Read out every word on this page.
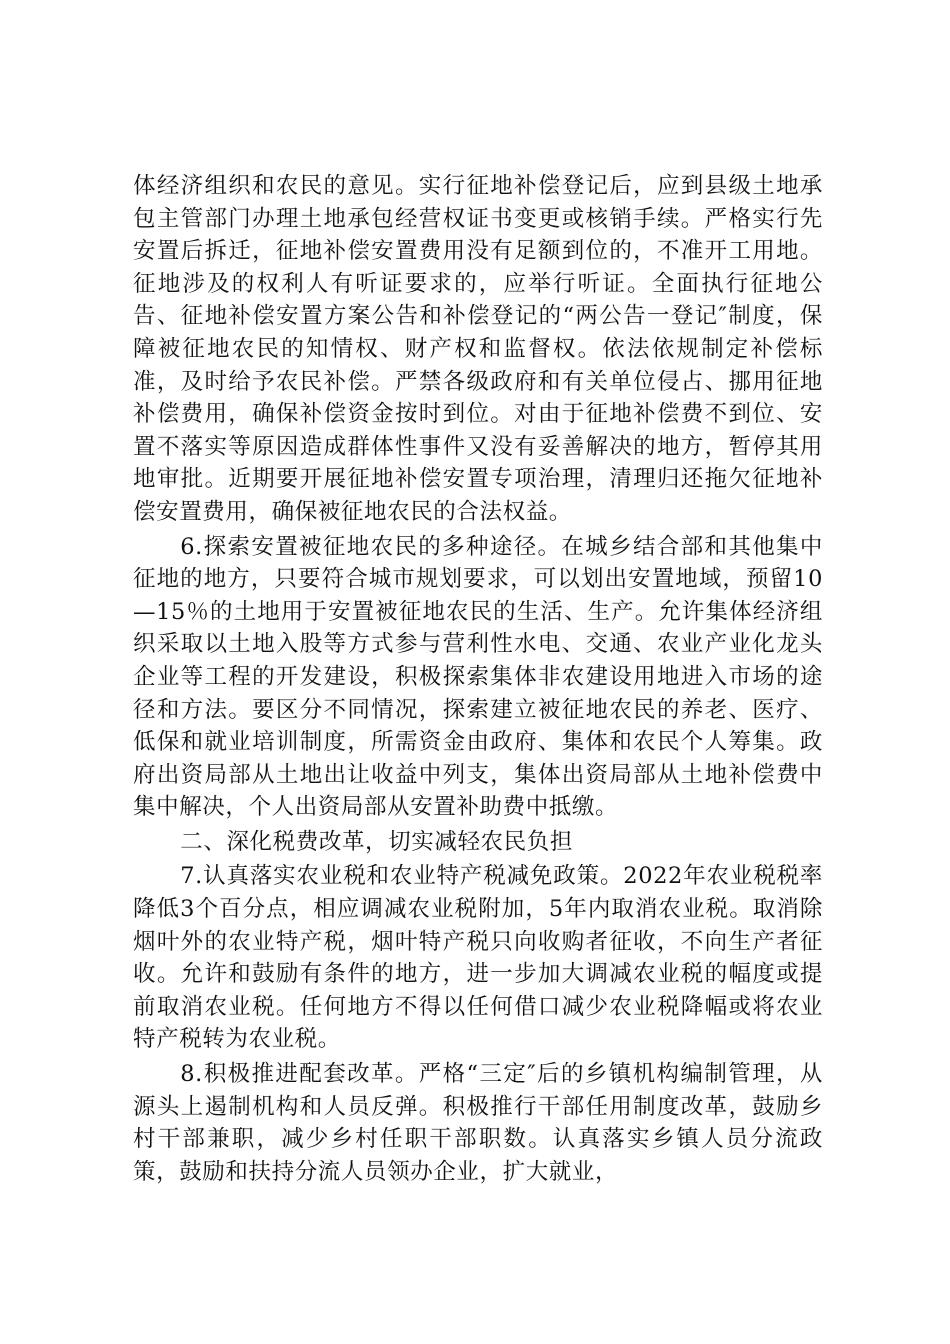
体经济组织和农民的意见。实行征地补偿登记后，应到县级土地承包主管部门办理土地承包经营权证书变更或核销手续。严格实行先安置后拆迁，征地补偿安置费用没有足额到位的，不准开工用地。征地涉及的权利人有听证要求的，应举行听证。全面执行征地公告、征地补偿安置方案公告和补偿登记的“两公告一登记″制度，保障被征地农民的知情权、财产权和监督权。依法依规制定补偿标准，及时给予农民补偿。严禁各级政府和有关单位侵占、挪用征地补偿费用，确保补偿资金按时到位。对由于征地补偿费不到位、安置不落实等原因造成群体性事件又没有妥善解决的地方，暂停其用地审批。近期要开展征地补偿安置专项治理，清理归还拖欠征地补偿安置费用，确保被征地农民的合法权益。

6.探索安置被征地农民的多种途径。在城乡结合部和其他集中征地的地方，只要符合城市规划要求，可以划出安置地域，预留10—15％的土地用于安置被征地农民的生活、生产。允许集体经济组织采取以土地入股等方式参与营利性水电、交通、农业产业化龙头企业等工程的开发建设，积极探索集体非农建设用地进入市场的途径和方法。要区分不同情况，探索建立被征地农民的养老、医疗、低保和就业培训制度，所需资金由政府、集体和农民个人筹集。政府出资局部从土地出让收益中列支，集体出资局部从土地补偿费中集中解决，个人出资局部从安置补助费中抵缴。

二、深化税费改革，切实减轻农民负担

7.认真落实农业税和农业特产税减免政策。2022年农业税税率降低3个百分点，相应调减农业税附加，5年内取消农业税。取消除烟叶外的农业特产税，烟叶特产税只向收购者征收，不向生产者征收。允许和鼓励有条件的地方，进一步加大调减农业税的幅度或提前取消农业税。任何地方不得以任何借口减少农业税降幅或将农业特产税转为农业税。

8.积极推进配套改革。严格“三定″后的乡镇机构编制管理，从源头上遏制机构和人员反弹。积极推行干部任用制度改革，鼓励乡村干部兼职，减少乡村任职干部职数。认真落实乡镇人员分流政策，鼓励和扶持分流人员领办企业，扩大就业，
